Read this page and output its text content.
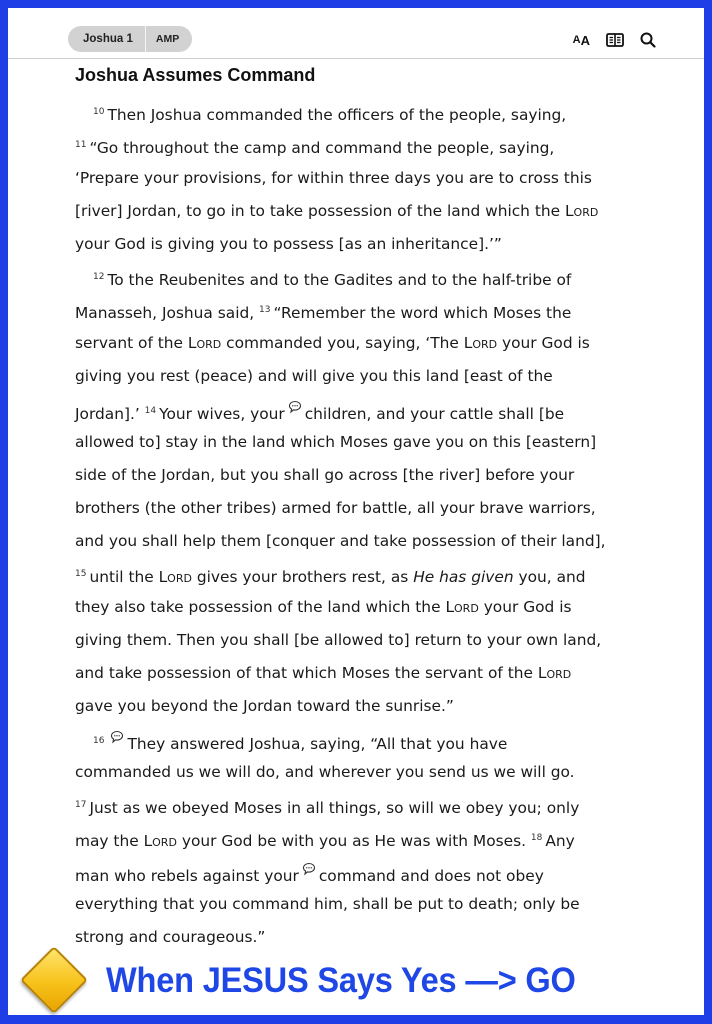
Joshua 1	AMP	A A
Joshua Assumes Command
$^{10}$ Then Joshua commanded the officers of the people, saying,
$^{11}$ “Go throughout the camp and command the people, saying,
‘Prepare your provisions, for within three days you are to cross this
[river] Jordan, to go in to take possession of the land which the Lord
your God is giving you to possess [as an inheritance].’”
$^{12}$ To the Reubenites and to the Gadites and to the half-tribe of
Manasseh, Joshua said, $^{13}$ “Remember the word which Moses the
servant of the Lord commanded you, saying, ‘The Lord your God is
giving you rest (peace) and will give you this land [east of the
Jordan].’ $^{14}$ Your wives, your children, and your cattle shall [be
allowed to] stay in the land which Moses gave you on this [eastern]
side of the Jordan, but you shall go across [the river] before your
brothers (the other tribes) armed for battle, all your brave warriors,
and you shall help them [conquer and take possession of their land],
$^{15}$ until the Lord gives your brothers rest, as He has given you, and
they also take possession of the land which the Lord your God is
giving them. Then you shall [be allowed to] return to your own land,
and take possession of that which Moses the servant of the Lord
gave you beyond the Jordan toward the sunrise.”
$^{16}$ They answered Joshua, saying, “All that you have
commanded us we will do, and wherever you send us we will go.
$^{17}$ Just as we obeyed Moses in all things, so will we obey you; only
may the Lord your God be with you as He was with Moses. $^{18}$ Any
man who rebels against your command and does not obey
everything that you command him, shall be put to death; only be
strong and courageous.”
When JESUS Says Yes —> GO
